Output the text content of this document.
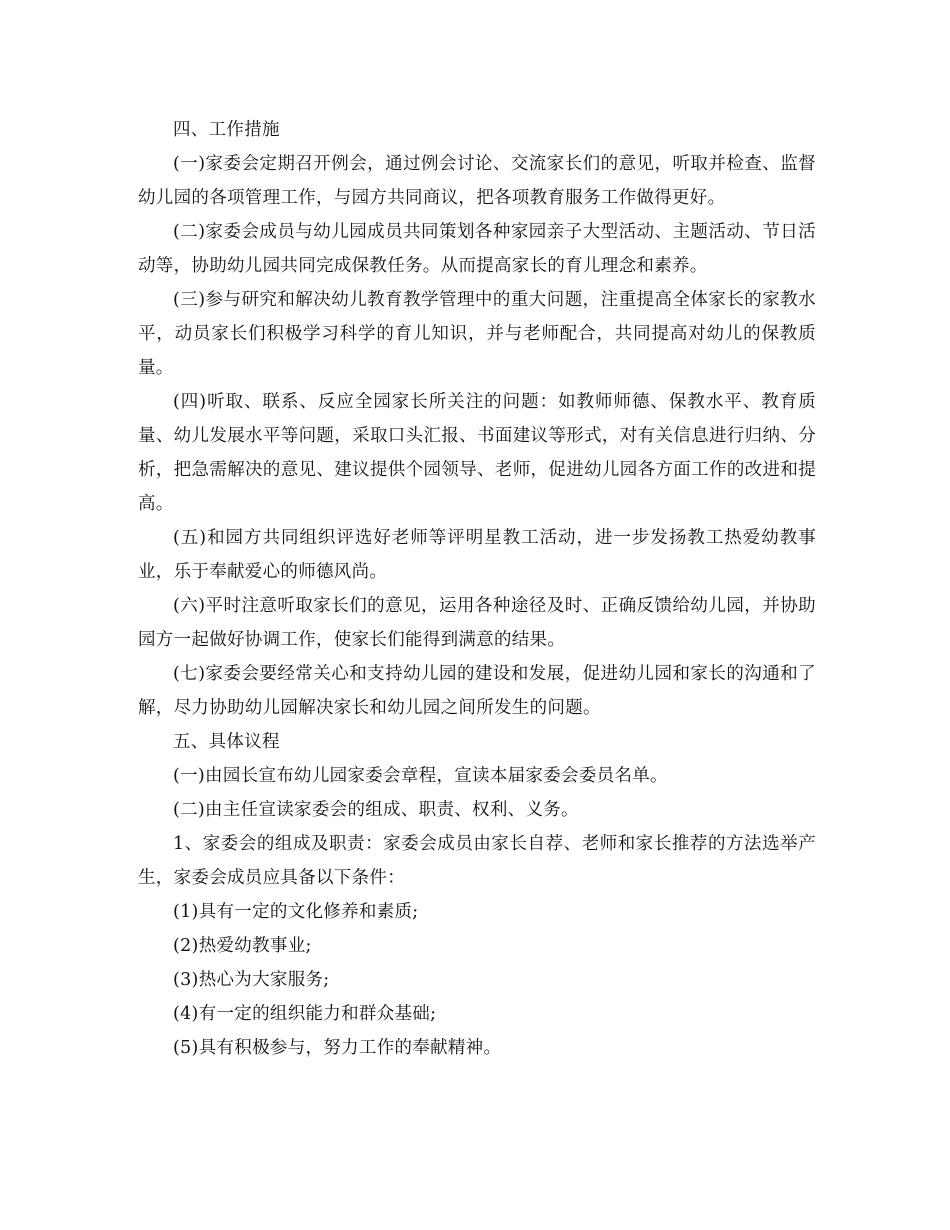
四、工作措施

(一)家委会定期召开例会，通过例会讨论、交流家长们的意见，听取并检查、监督幼儿园的各项管理工作，与园方共同商议，把各项教育服务工作做得更好。

(二)家委会成员与幼儿园成员共同策划各种家园亲子大型活动、主题活动、节日活动等，协助幼儿园共同完成保教任务。从而提高家长的育儿理念和素养。

(三)参与研究和解决幼儿教育教学管理中的重大问题，注重提高全体家长的家教水平，动员家长们积极学习科学的育儿知识，并与老师配合，共同提高对幼儿的保教质量。

(四)听取、联系、反应全园家长所关注的问题：如教师师德、保教水平、教育质量、幼儿发展水平等问题，采取口头汇报、书面建议等形式，对有关信息进行归纳、分析，把急需解决的意见、建议提供个园领导、老师，促进幼儿园各方面工作的改进和提高。

(五)和园方共同组织评选好老师等评明星教工活动，进一步发扬教工热爱幼教事业，乐于奉献爱心的师德风尚。

(六)平时注意听取家长们的意见，运用各种途径及时、正确反馈给幼儿园，并协助园方一起做好协调工作，使家长们能得到满意的结果。

(七)家委会要经常关心和支持幼儿园的建设和发展，促进幼儿园和家长的沟通和了解，尽力协助幼儿园解决家长和幼儿园之间所发生的问题。

五、具体议程

(一)由园长宣布幼儿园家委会章程，宣读本届家委会委员名单。

(二)由主任宣读家委会的组成、职责、权利、义务。

1、家委会的组成及职责：家委会成员由家长自荐、老师和家长推荐的方法选举产生，家委会成员应具备以下条件：

(1)具有一定的文化修养和素质;

(2)热爱幼教事业;

(3)热心为大家服务;

(4)有一定的组织能力和群众基础;

(5)具有积极参与，努力工作的奉献精神。
